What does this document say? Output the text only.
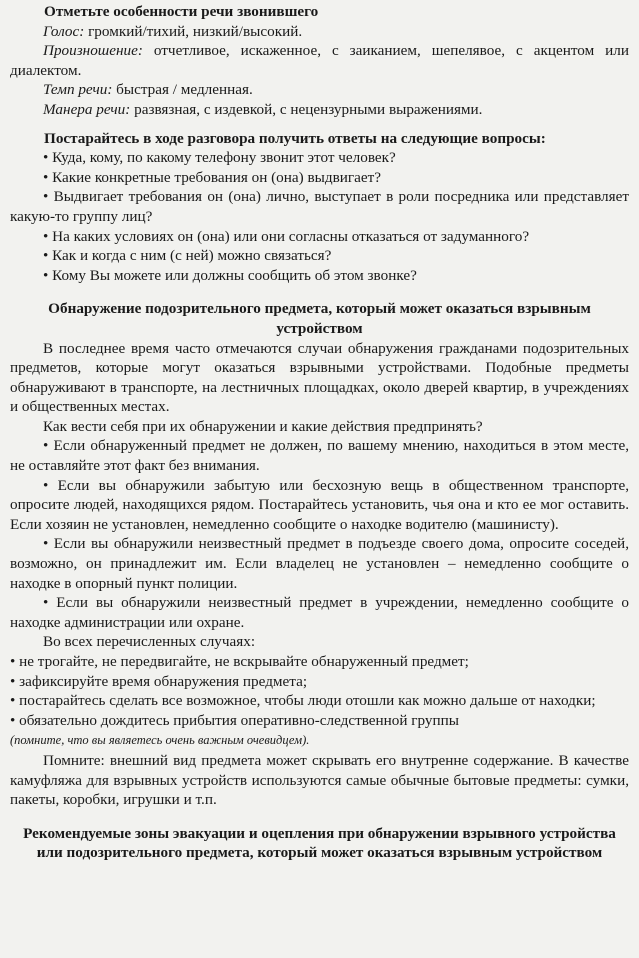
Отметьте особенности речи звонившего

Голос: громкий/тихий, низкий/высокий.

Произношение: отчетливое, искаженное, с заиканием, шепелявое, с акцентом или диалектом.

Темп речи: быстрая / медленная.

Манера речи: развязная, с издевкой, с нецензурными выражениями.

Постарайтесь в ходе разговора получить ответы на следующие вопросы:

• Куда, кому, по какому телефону звонит этот человек?

• Какие конкретные требования он (она) выдвигает?

• Выдвигает требования он (она) лично, выступает в роли посредника или представляет какую-то группу лиц?

• На каких условиях он (она) или они согласны отказаться от задуманного?

• Как и когда с ним (с ней) можно связаться?

• Кому Вы можете или должны сообщить об этом звонке?

Обнаружение подозрительного предмета, который может оказаться взрывным устройством

В последнее время часто отмечаются случаи обнаружения гражданами подозрительных предметов, которые могут оказаться взрывными устройствами. Подобные предметы обнаруживают в транспорте, на лестничных площадках, около дверей квартир, в учреждениях и общественных местах.

Как вести себя при их обнаружении и какие действия предпринять?

• Если обнаруженный предмет не должен, по вашему мнению, находиться в этом месте, не оставляйте этот факт без внимания.

• Если вы обнаружили забытую или бесхозную вещь в общественном транспорте, опросите людей, находящихся рядом. Постарайтесь установить, чья она и кто ее мог оставить. Если хозяин не установлен, немедленно сообщите о находке водителю (машинисту).

• Если вы обнаружили неизвестный предмет в подъезде своего дома, опросите соседей, возможно, он принадлежит им. Если владелец не установлен – немедленно сообщите о находке в опорный пункт полиции.

• Если вы обнаружили неизвестный предмет в учреждении, немедленно сообщите о находке администрации или охране.

Во всех перечисленных случаях:

• не трогайте, не передвигайте, не вскрывайте обнаруженный предмет;

• зафиксируйте время обнаружения предмета;

• постарайтесь сделать все возможное, чтобы люди отошли как можно дальше от находки;

• обязательно дождитесь прибытия оперативно-следственной группы
(помните, что вы являетесь очень важным очевидцем).

Помните: внешний вид предмета может скрывать его внутренне содержание. В качестве камуфляжа для взрывных устройств используются самые обычные бытовые предметы: сумки, пакеты, коробки, игрушки и т.п.

Рекомендуемые зоны эвакуации и оцепления при обнаружении взрывного устройства или подозрительного предмета, который может оказаться взрывным устройством
